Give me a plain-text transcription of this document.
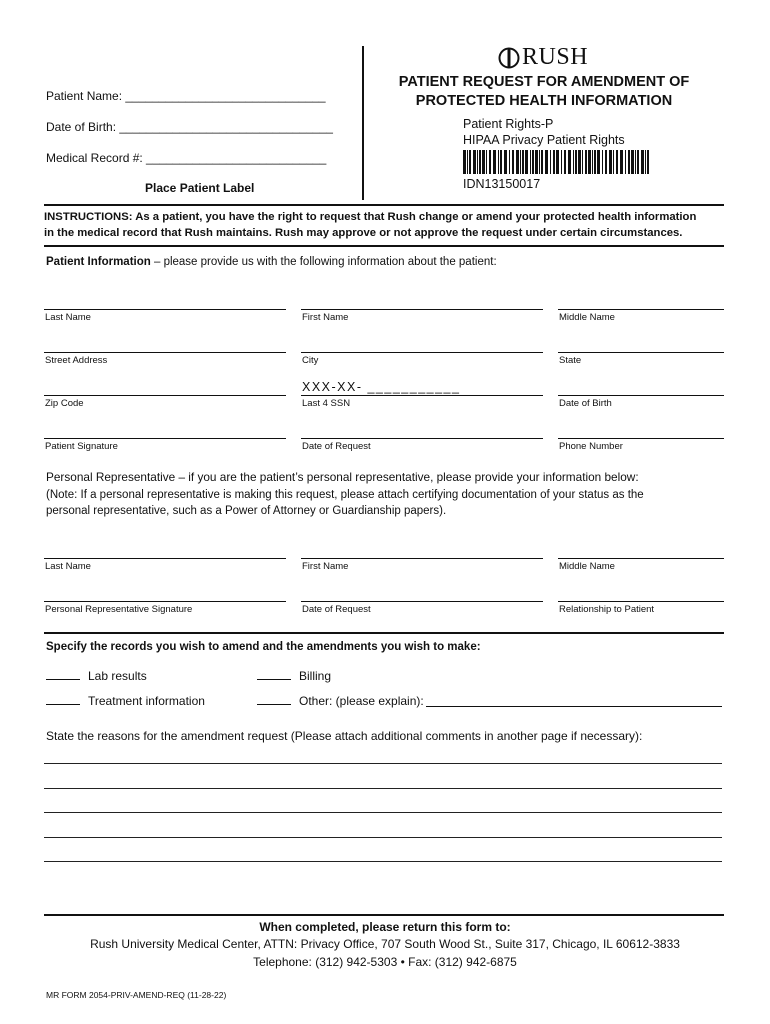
Patient Name: ______________________________
Date of Birth: ________________________________
Medical Record #: ___________________________
Place Patient Label
RUSH
PATIENT REQUEST FOR AMENDMENT OF
PROTECTED HEALTH INFORMATION
Patient Rights-P
HIPAA Privacy Patient Rights
IDN13150017
INSTRUCTIONS: As a patient, you have the right to request that Rush change or amend your protected health information
in the medical record that Rush maintains. Rush may approve or not approve the request under certain circumstances.
Patient Information – please provide us with the following information about the patient:
Last Name	First Name	Middle Name
Street Address	City	State
Zip Code	Last 4 SSN	Date of Birth
Patient Signature	Date of Request	Phone Number
XXX-XX- ___________
Personal Representative – if you are the patient’s personal representative, please provide your information below:
(Note: If a personal representative is making this request, please attach certifying documentation of your status as the
personal representative, such as a Power of Attorney or Guardianship papers).
Last Name	First Name	Middle Name
Personal Representative Signature	Date of Request	Relationship to Patient
Specify the records you wish to amend and the amendments you wish to make:
Lab results	Billing
Treatment information	Other: (please explain):
State the reasons for the amendment request (Please attach additional comments in another page if necessary):
When completed, please return this form to:
Rush University Medical Center, ATTN: Privacy Office, 707 South Wood St., Suite 317, Chicago, IL 60612-3833
Telephone: (312) 942-5303 • Fax: (312) 942-6875
MR FORM 2054-PRIV-AMEND-REQ (11-28-22)
